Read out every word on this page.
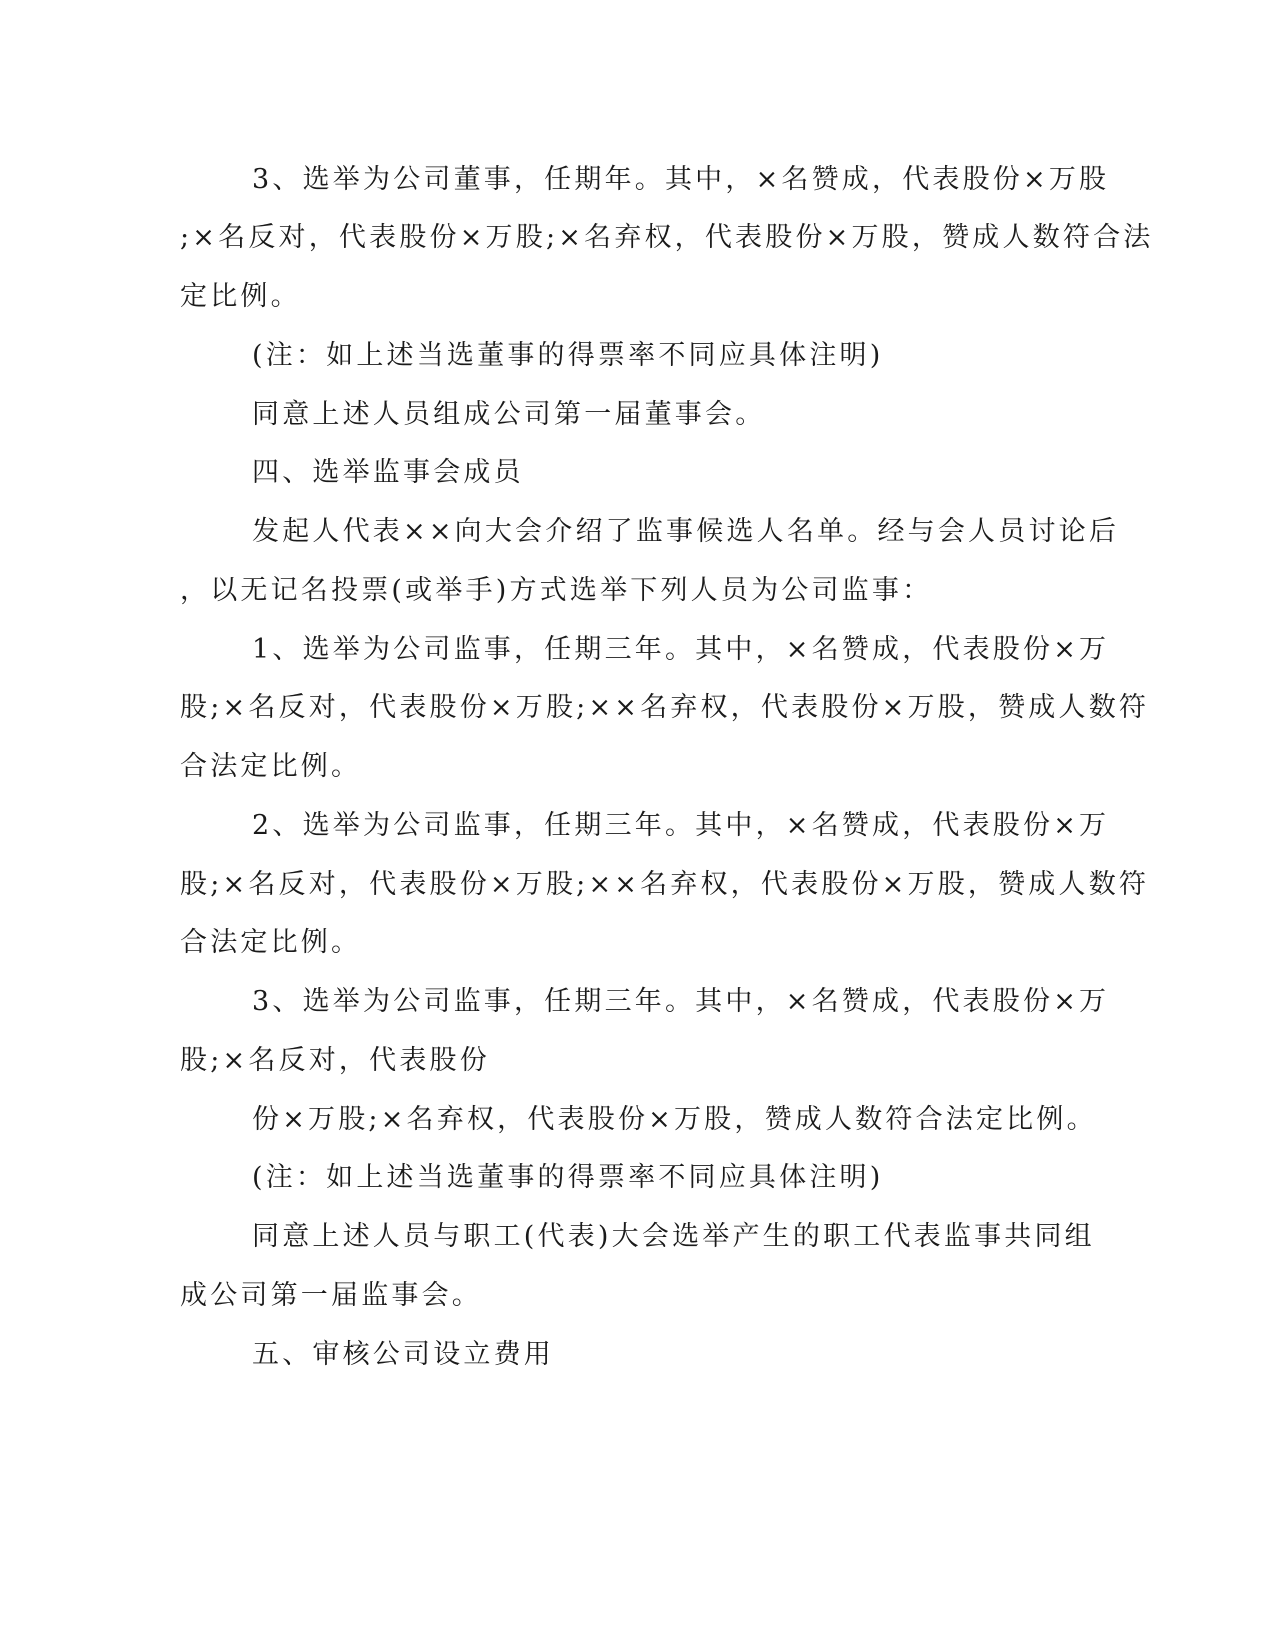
3、选举为公司董事，任期年。其中，×名赞成，代表股份×万股
;×名反对，代表股份×万股;×名弃权，代表股份×万股，赞成人数符合法
定比例。
(注：如上述当选董事的得票率不同应具体注明)
同意上述人员组成公司第一届董事会。
四、选举监事会成员
发起人代表××向大会介绍了监事候选人名单。经与会人员讨论后
，以无记名投票(或举手)方式选举下列人员为公司监事：
1、选举为公司监事，任期三年。其中，×名赞成，代表股份×万
股;×名反对，代表股份×万股;××名弃权，代表股份×万股，赞成人数符
合法定比例。
2、选举为公司监事，任期三年。其中，×名赞成，代表股份×万
股;×名反对，代表股份×万股;××名弃权，代表股份×万股，赞成人数符
合法定比例。
3、选举为公司监事，任期三年。其中，×名赞成，代表股份×万
股;×名反对，代表股份
份×万股;×名弃权，代表股份×万股，赞成人数符合法定比例。
(注：如上述当选董事的得票率不同应具体注明)
同意上述人员与职工(代表)大会选举产生的职工代表监事共同组
成公司第一届监事会。
五、审核公司设立费用
